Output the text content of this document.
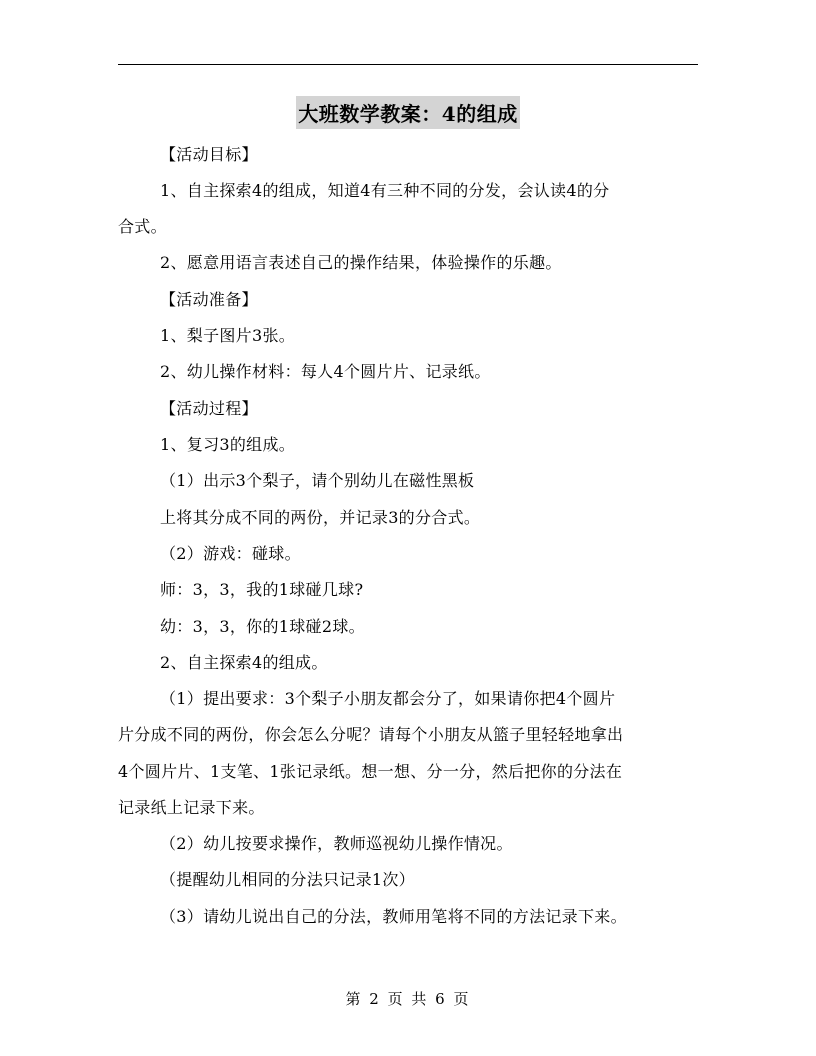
大班数学教案：4的组成
【活动目标】
1、自主探索4的组成，知道4有三种不同的分发，会认读4的分
合式。
2、愿意用语言表述自己的操作结果，体验操作的乐趣。
【活动准备】
1、梨子图片3张。
2、幼儿操作材料：每人4个圆片片、记录纸。
【活动过程】
1、复习3的组成。
（1）出示3个梨子，请个别幼儿在磁性黑板
上将其分成不同的两份，并记录3的分合式。
（2）游戏：碰球。
师：3，3，我的1球碰几球?
幼：3，3，你的1球碰2球。
2、自主探索4的组成。
（1）提出要求：3个梨子小朋友都会分了，如果请你把4个圆片
片分成不同的两份，你会怎么分呢？请每个小朋友从篮子里轻轻地拿出
4个圆片片、1支笔、1张记录纸。想一想、分一分，然后把你的分法在
记录纸上记录下来。
（2）幼儿按要求操作，教师巡视幼儿操作情况。
（提醒幼儿相同的分法只记录1次）
（3）请幼儿说出自己的分法，教师用笔将不同的方法记录下来。
第 2 页 共 6 页
